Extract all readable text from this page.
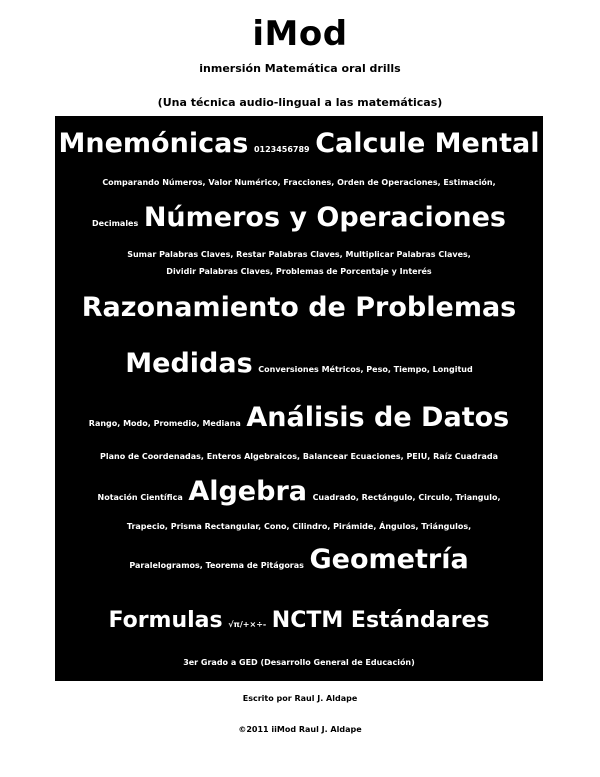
iMod
inmersión Matemática oral drills
(Una técnica audio-lingual a las matemáticas)
Mnemónicas 0123456789 Calcule Mental
Comparando Números, Valor Numérico, Fracciones, Orden de Operaciones, Estimación,
Decimales Números y Operaciones
Sumar Palabras Claves, Restar Palabras Claves, Multiplicar Palabras Claves,
Dividir Palabras Claves, Problemas de Porcentaje y Interés
Razonamiento de Problemas
Medidas Conversiones Métricos, Peso, Tiempo, Longitud
Rango, Modo, Promedio, Mediana Análisis de Datos
Plano de Coordenadas, Enteros Algebraicos, Balancear Ecuaciones, PEIU, Raíz Cuadrada
Notación Científica Algebra Cuadrado, Rectángulo, Circulo, Triangulo,
Trapecio, Prisma Rectangular, Cono, Cilindro, Pirámide, Ángulos, Triángulos,
Paralelogramos, Teorema de Pitágoras Geometría
Formulas √π/+×÷- NCTM Estándares
3er Grado a GED (Desarrollo General de Educación)
Escrito por Raul J. Aldape
©2011 iiMod Raul J. Aldape
